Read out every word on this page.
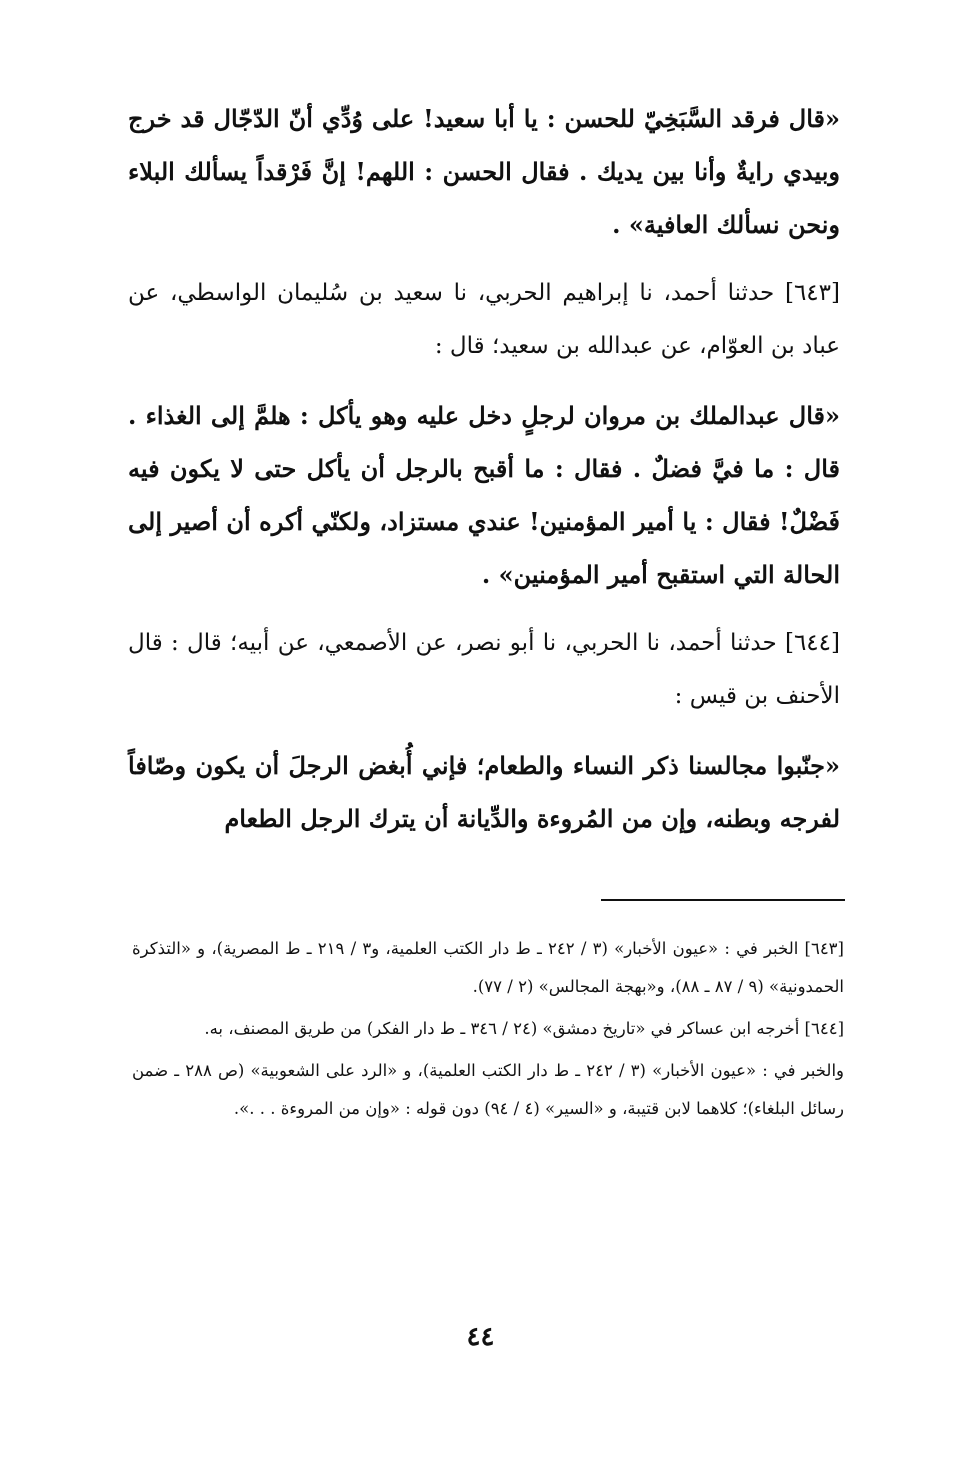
«قال فرقد السَّبَخِيّ للحسن : يا أبا سعيد! على وُدِّي أنّ الدّجّال قد خرج وبيدي رايةٌ وأنا بين يديك . فقال الحسن : اللهم! إنَّ فَرْقداً يسألك البلاء ونحن نسألك العافية» .

[٦٤٣] حدثنا أحمد، نا إبراهيم الحربي، نا سعيد بن سُليمان الواسطي، عن عباد بن العوّام، عن عبدالله بن سعيد؛ قال :

«قال عبدالملك بن مروان لرجلٍ دخل عليه وهو يأكل : هلمَّ إلى الغذاء . قال : ما فيَّ فضلٌ . فقال : ما أقبح بالرجل أن يأكل حتى لا يكون فيه فَضْلٌ! فقال : يا أمير المؤمنين! عندي مستزاد، ولكنّي أكره أن أصير إلى الحالة التي استقبح أمير المؤمنين» .

[٦٤٤] حدثنا أحمد، نا الحربي، نا أبو نصر، عن الأصمعي، عن أبيه؛ قال : قال الأحنف بن قيس :

«جنّبوا مجالسنا ذكر النساء والطعام؛ فإني أُبغض الرجلَ أن يكون وصّافاً لفرجه وبطنه، وإن من المُروءة والدِّيانة أن يترك الرجل الطعام

[٦٤٣] الخبر في : «عيون الأخبار» (٣ / ٢٤٢ ـ ط دار الكتب العلمية، و٣ / ٢١٩ ـ ط المصرية)، و «التذكرة الحمدونية» (٩ / ٨٧ ـ ٨٨)، و«بهجة المجالس» (٢ / ٧٧).

[٦٤٤] أخرجه ابن عساكر في «تاريخ دمشق» (٢٤ / ٣٤٦ ـ ط دار الفكر) من طريق المصنف، به.

والخبر في : «عيون الأخبار» (٣ / ٢٤٢ ـ ط دار الكتب العلمية)، و «الرد على الشعوبية» (ص ٢٨٨ ـ ضمن رسائل البلغاء)؛ كلاهما لابن قتيبة، و «السير» (٤ / ٩٤) دون قوله : «وإن من المروءة . . .».

٤٤
